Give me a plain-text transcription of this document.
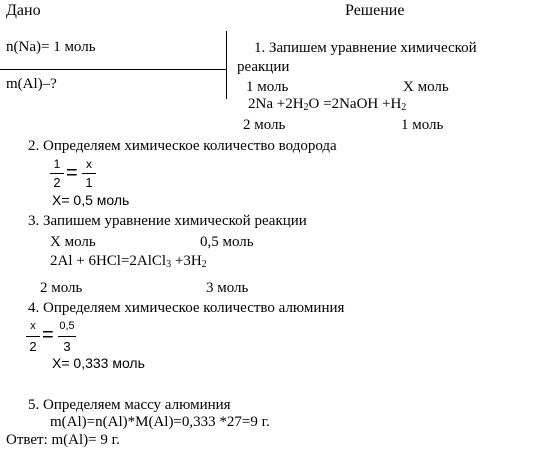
Дано	Решение
n(Na)= 1 моль
m(Al)–?
1. Запишем уравнение химической
реакции
1 моль	Х моль
$2Na +2H_2O$ =2NaOH $+H_2$
2 моль	1 моль
2. Определяем химическое количество водорода
1
2 = х
1
Х= 0,5 моль
3. Запишем уравнение химической реакции
Х моль	0,5 моль
2Al + 6HCl=2AlCl$_3$ $+3H_2$
2 моль	3 моль
4. Определяем химическое количество алюминия
х
2
= 0,5
3
Х= 0,333 моль
5. Определяем массу алюминия
m(Al)=n(Al)*M(Al)=0,333 *27=9 г.
Ответ: m(Al)= 9 г.
